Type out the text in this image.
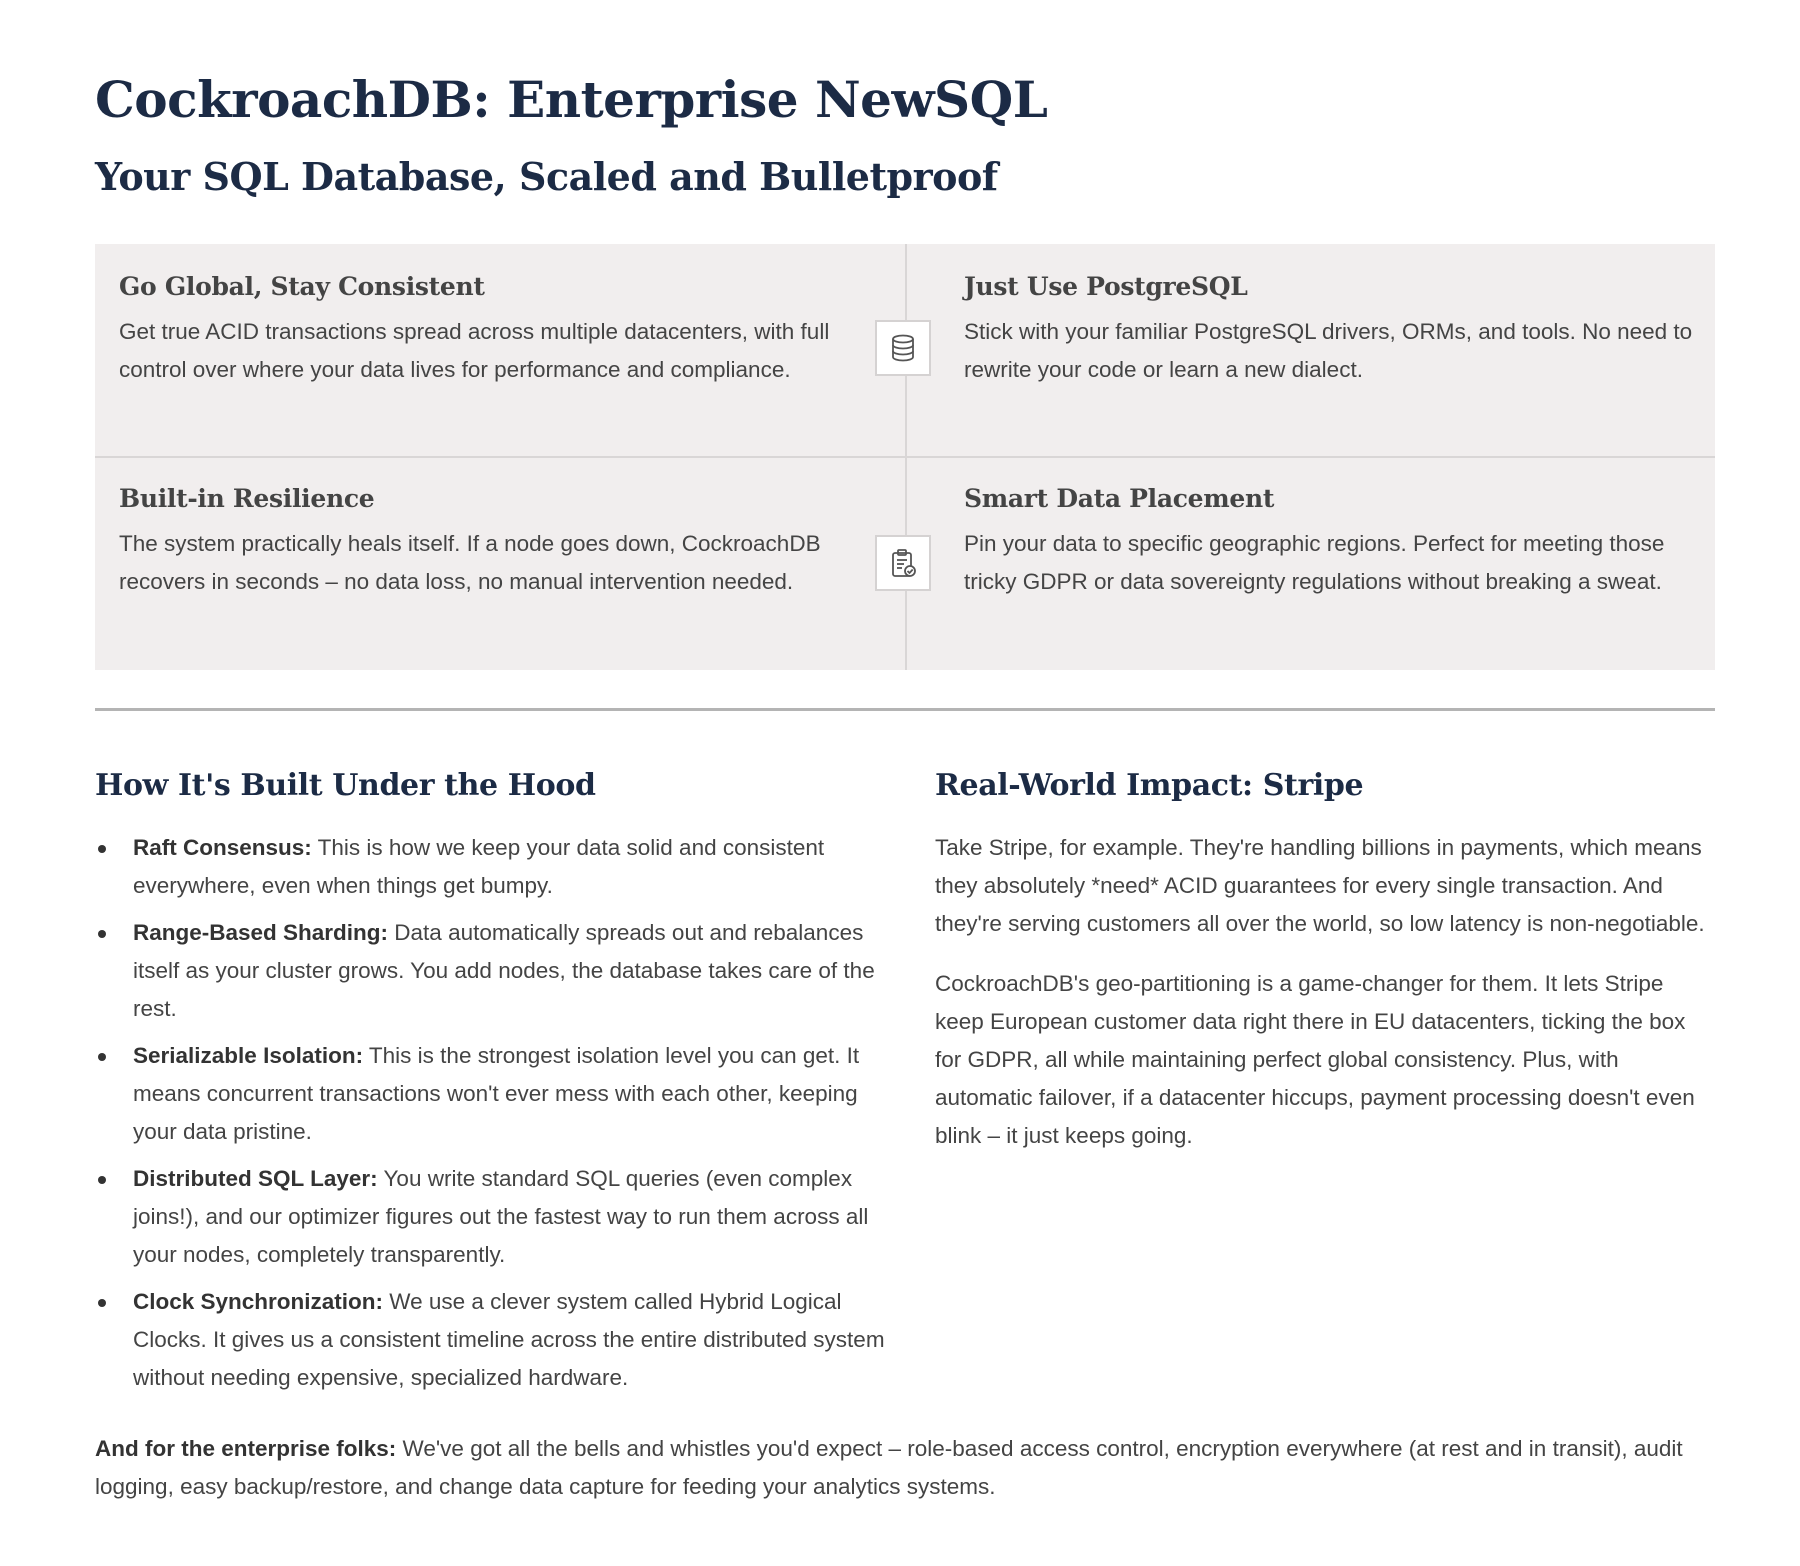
CockroachDB: Enterprise NewSQL
Your SQL Database, Scaled and Bulletproof
Go Global, Stay Consistent

Get true ACID transactions spread across multiple datacenters, with full control over where your data lives for performance and compliance.

Just Use PostgreSQL

Stick with your familiar PostgreSQL drivers, ORMs, and tools. No need to rewrite your code or learn a new dialect.

Built-in Resilience

The system practically heals itself. If a node goes down, CockroachDB recovers in seconds – no data loss, no manual intervention needed.

Smart Data Placement

Pin your data to specific geographic regions. Perfect for meeting those tricky GDPR or data sovereignty regulations without breaking a sweat.

How It's Built Under the Hood
Raft Consensus: This is how we keep your data solid and consistent everywhere, even when things get bumpy.
Range-Based Sharding: Data automatically spreads out and rebalances itself as your cluster grows. You add nodes, the database takes care of the rest.
Serializable Isolation: This is the strongest isolation level you can get. It means concurrent transactions won't ever mess with each other, keeping your data pristine.
Distributed SQL Layer: You write standard SQL queries (even complex joins!), and our optimizer figures out the fastest way to run them across all your nodes, completely transparently.
Clock Synchronization: We use a clever system called Hybrid Logical Clocks. It gives us a consistent timeline across the entire distributed system without needing expensive, specialized hardware.
Real-World Impact: Stripe

Take Stripe, for example. They're handling billions in payments, which means they absolutely *need* ACID guarantees for every single transaction. And they're serving customers all over the world, so low latency is non-negotiable.

CockroachDB's geo-partitioning is a game-changer for them. It lets Stripe keep European customer data right there in EU datacenters, ticking the box for GDPR, all while maintaining perfect global consistency. Plus, with automatic failover, if a datacenter hiccups, payment processing doesn't even blink – it just keeps going.

And for the enterprise folks: We've got all the bells and whistles you'd expect – role-based access control, encryption everywhere (at rest and in transit), audit logging, easy backup/restore, and change data capture for feeding your analytics systems.
